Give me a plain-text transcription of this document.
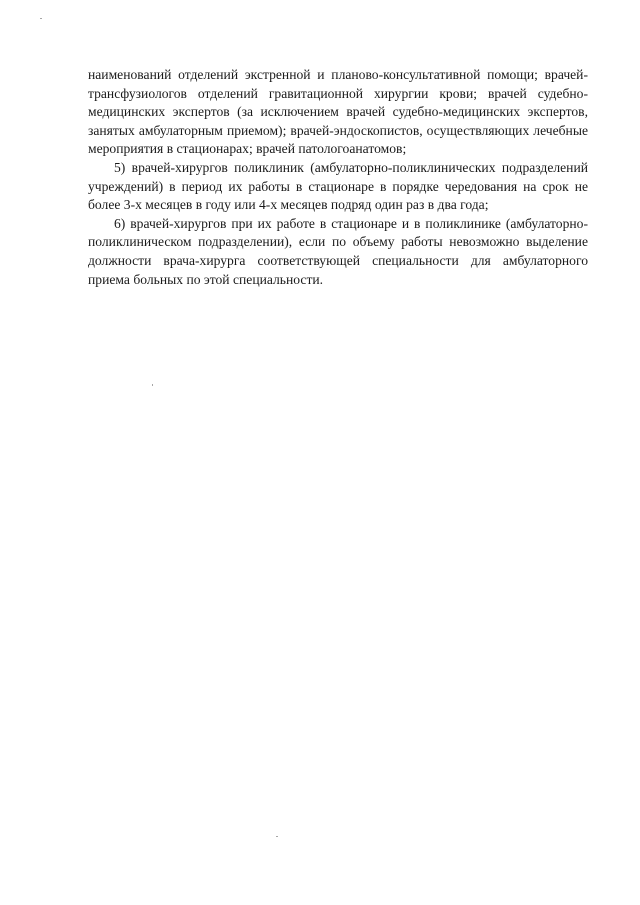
наименований отделений экстренной и планово-консультативной помощи; врачей-трансфузиологов отделений гравитационной хирургии крови; врачей судебно-медицинских экспертов (за исключением врачей судебно-медицинских экспертов, занятых амбулаторным приемом); врачей-эндоскопистов, осуществляющих лечебные мероприятия в стационарах; врачей патологоанатомов;

5) врачей-хирургов поликлиник (амбулаторно-поликлинических подразделений учреждений) в период их работы в стационаре в порядке чередования на срок не более 3-х месяцев в году или 4-х месяцев подряд один раз в два года;

6) врачей-хирургов при их работе в стационаре и в поликлинике (амбулаторно-поликлиническом подразделении), если по объему работы невозможно выделение должности врача-хирурга соответствующей специальности для амбулаторного приема больных по этой специальности.
